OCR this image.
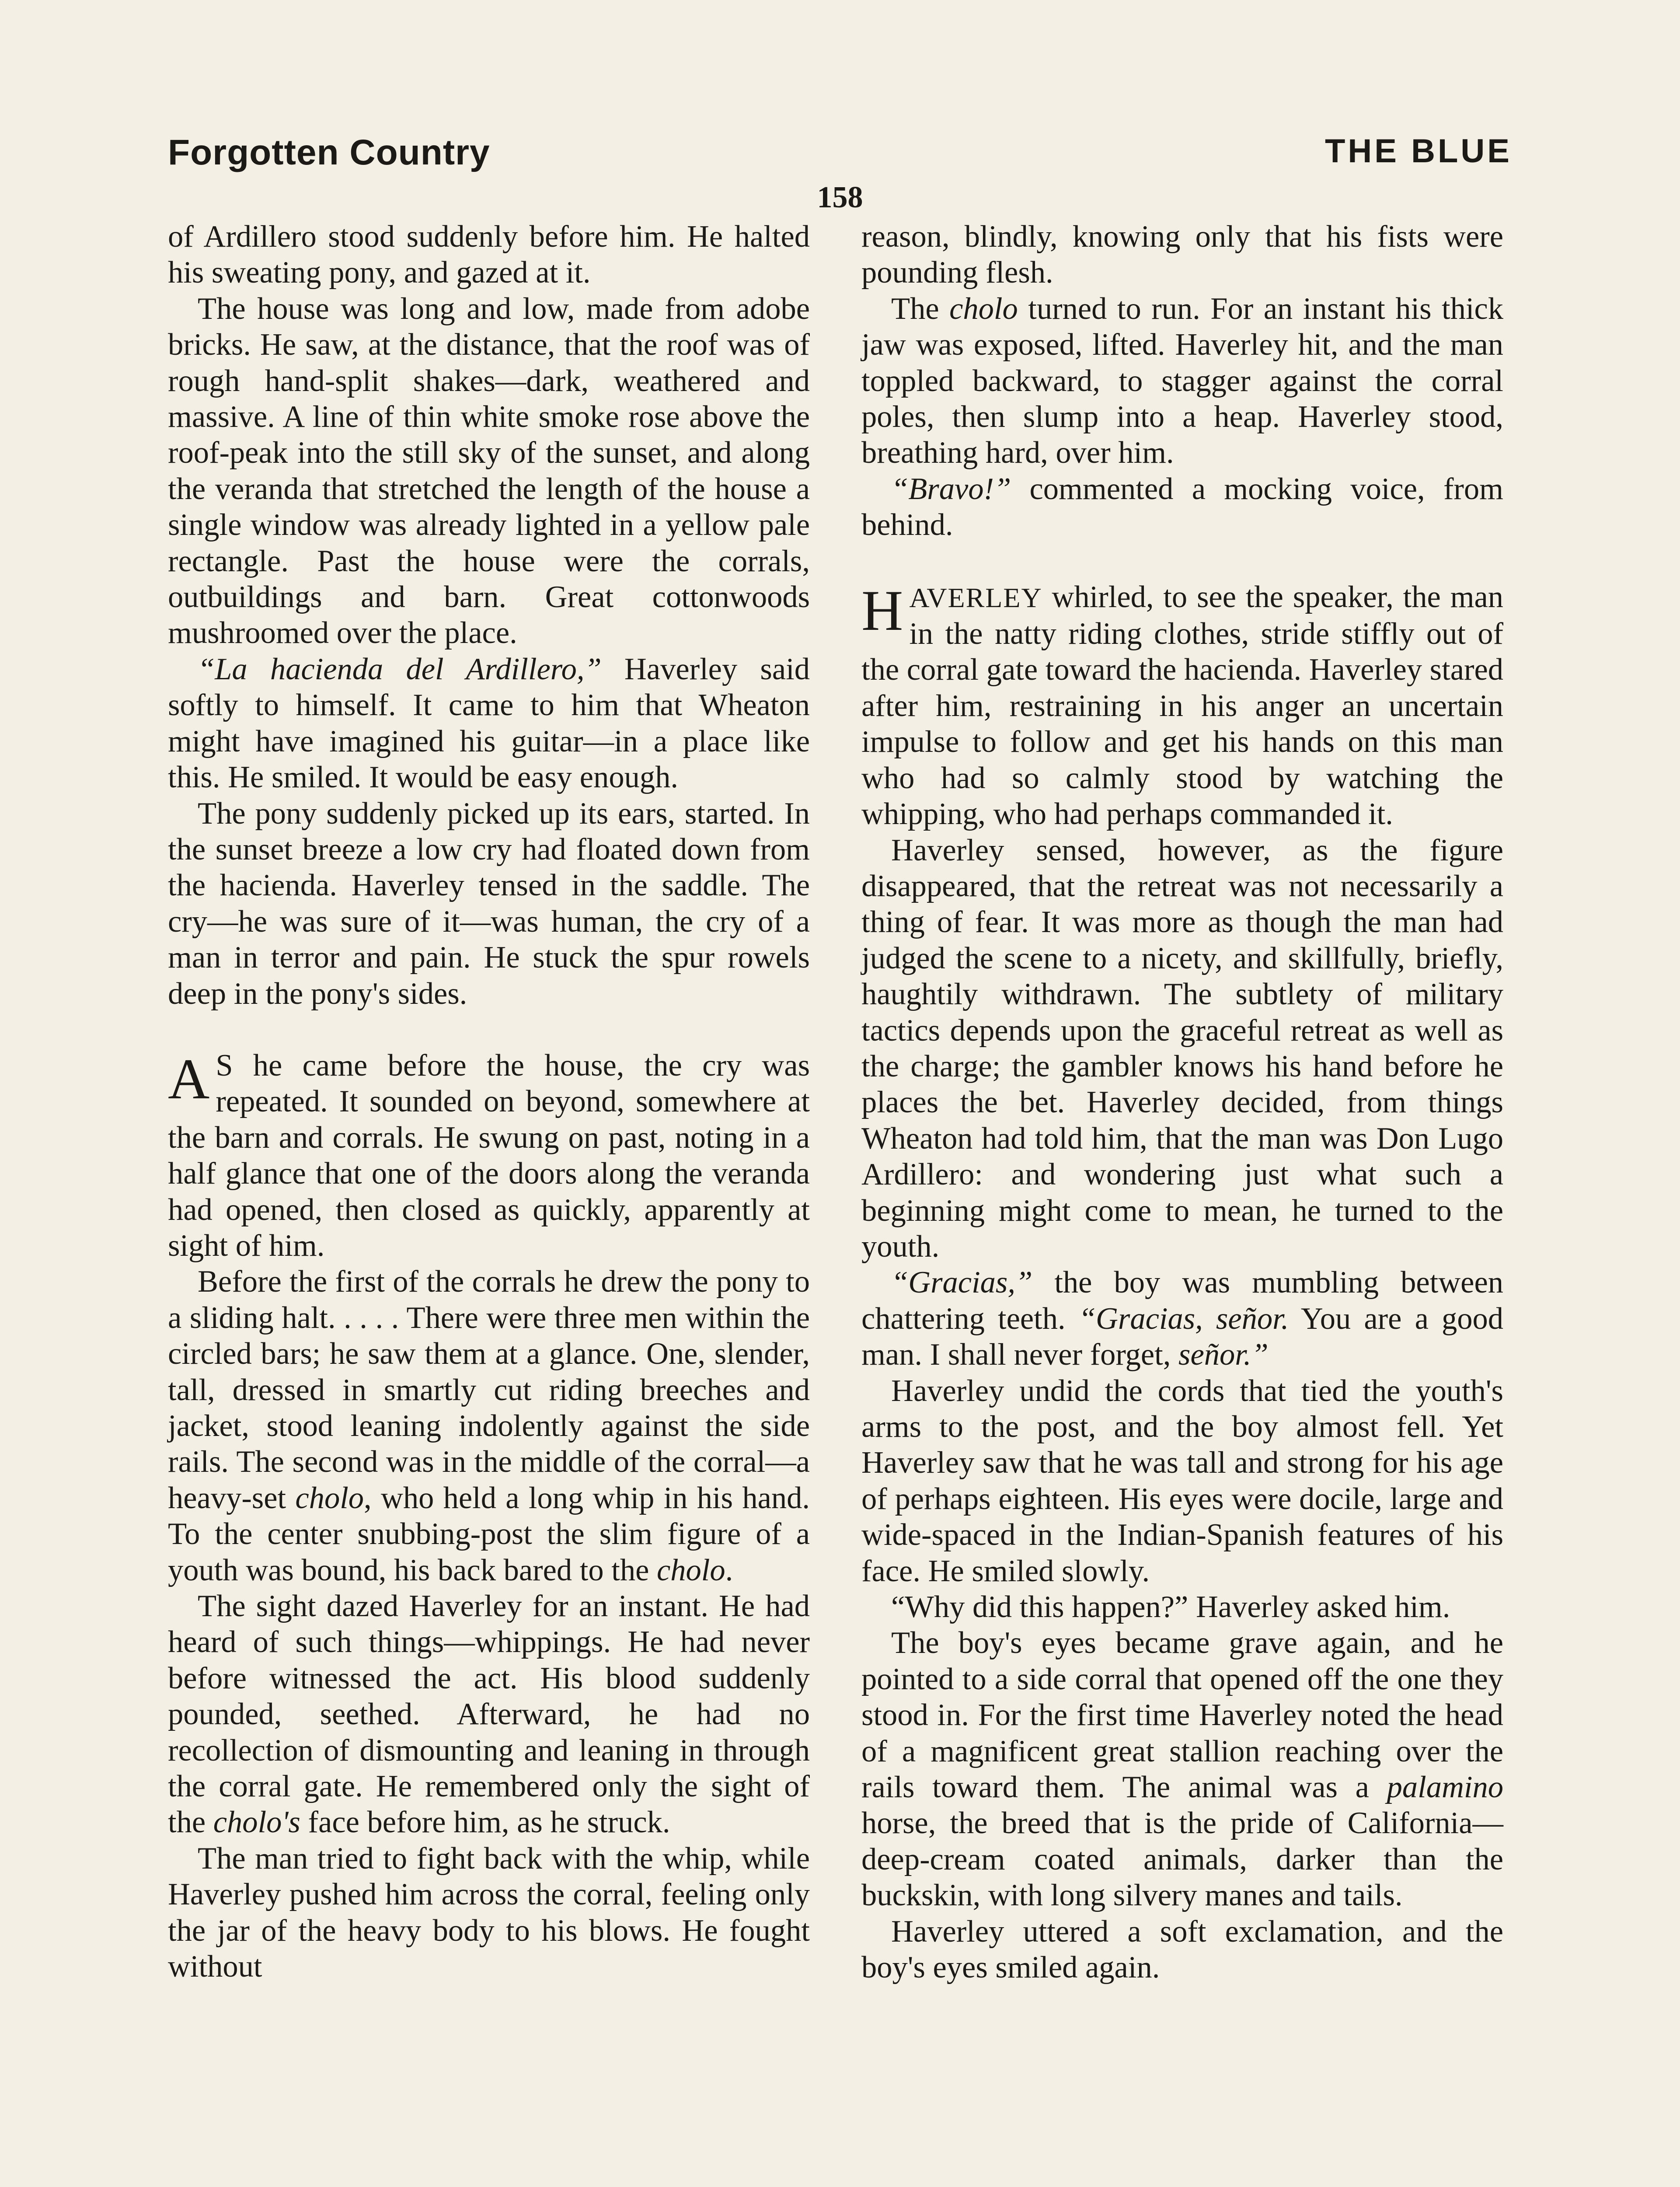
Forgotten Country	THE BLUE
158

of Ardillero stood suddenly before him. He halted his sweating pony, and gazed at it.

The house was long and low, made from adobe bricks. He saw, at the distance, that the roof was of rough hand-split shakes—dark, weathered and massive. A line of thin white smoke rose above the roof-peak into the still sky of the sunset, and along the veranda that stretched the length of the house a single window was already lighted in a yellow pale rectangle. Past the house were the corrals, outbuildings and barn. Great cottonwoods mushroomed over the place.

“La hacienda del Ardillero,” Haverley said softly to himself. It came to him that Wheaton might have imagined his guitar—in a place like this. He smiled. It would be easy enough.

The pony suddenly picked up its ears, started. In the sunset breeze a low cry had floated down from the hacienda. Haverley tensed in the saddle. The cry—he was sure of it—was human, the cry of a man in terror and pain. He stuck the spur rowels deep in the pony's sides.

A S he came before the house, the cry was repeated. It sounded on beyond, somewhere at the barn and corrals. He swung on past, noting in a half glance that one of the doors along the veranda had opened, then closed as quickly, apparently at sight of him.

Before the first of the corrals he drew the pony to a sliding halt. . . . . There were three men within the circled bars; he saw them at a glance. One, slender, tall, dressed in smartly cut riding breeches and jacket, stood leaning indolently against the side rails. The second was in the middle of the corral—a heavy-set cholo, who held a long whip in his hand. To the center snubbing-post the slim figure of a youth was bound, his back bared to the cholo.

The sight dazed Haverley for an instant. He had heard of such things—whippings. He had never before witnessed the act. His blood suddenly pounded, seethed. Afterward, he had no recollection of dismounting and leaning in through the corral gate. He remembered only the sight of the cholo's face before him, as he struck.

The man tried to fight back with the whip, while Haverley pushed him across the corral, feeling only the jar of the heavy body to his blows. He fought without

reason, blindly, knowing only that his fists were pounding flesh.

The cholo turned to run. For an instant his thick jaw was exposed, lifted. Haverley hit, and the man toppled backward, to stagger against the corral poles, then slump into a heap. Haverley stood, breathing hard, over him.

“Bravo!” commented a mocking voice, from behind.

HAVERLEY whirled, to see the speaker, the man in the natty riding clothes, stride stiffly out of the corral gate toward the hacienda. Haverley stared after him, restraining in his anger an uncertain impulse to follow and get his hands on this man who had so calmly stood by watching the whipping, who had perhaps commanded it.

Haverley sensed, however, as the figure disappeared, that the retreat was not necessarily a thing of fear. It was more as though the man had judged the scene to a nicety, and skillfully, briefly, haughtily withdrawn. The subtlety of military tactics depends upon the graceful retreat as well as the charge; the gambler knows his hand before he places the bet. Haverley decided, from things Wheaton had told him, that the man was Don Lugo Ardillero: and wondering just what such a beginning might come to mean, he turned to the youth.

“Gracias,” the boy was mumbling between chattering teeth. “Gracias, señor. You are a good man. I shall never forget, señor.”

Haverley undid the cords that tied the youth's arms to the post, and the boy almost fell. Yet Haverley saw that he was tall and strong for his age of perhaps eighteen. His eyes were docile, large and wide-spaced in the Indian-Spanish features of his face. He smiled slowly.

“Why did this happen?” Haverley asked him.

The boy's eyes became grave again, and he pointed to a side corral that opened off the one they stood in. For the first time Haverley noted the head of a magnificent great stallion reaching over the rails toward them. The animal was a palamino horse, the breed that is the pride of California—deep-cream coated animals, darker than the buckskin, with long silvery manes and tails.

Haverley uttered a soft exclamation, and the boy's eyes smiled again.
